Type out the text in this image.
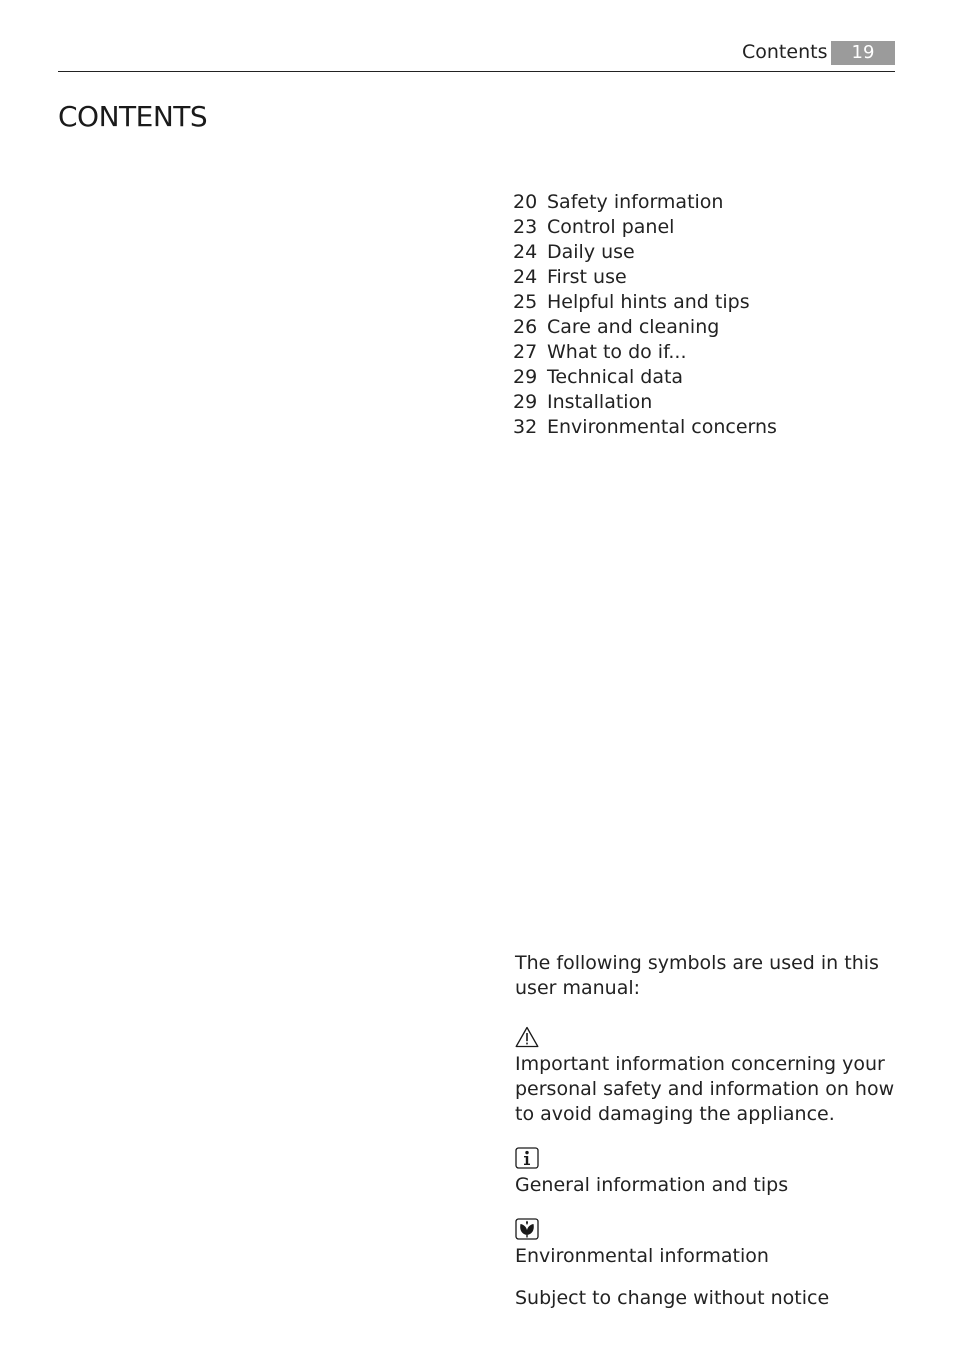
Contents	19
CONTENTS
20 Safety information
23 Control panel
24 Daily use
24 First use
25 Helpful hints and tips
26 Care and cleaning
27 What to do if...
29 Technical data
29 Installation
32 Environmental concerns

The following symbols are used in this user manual:

Important information concerning your personal safety and information on how to avoid damaging the appliance.

General information and tips

Environmental information

Subject to change without notice
